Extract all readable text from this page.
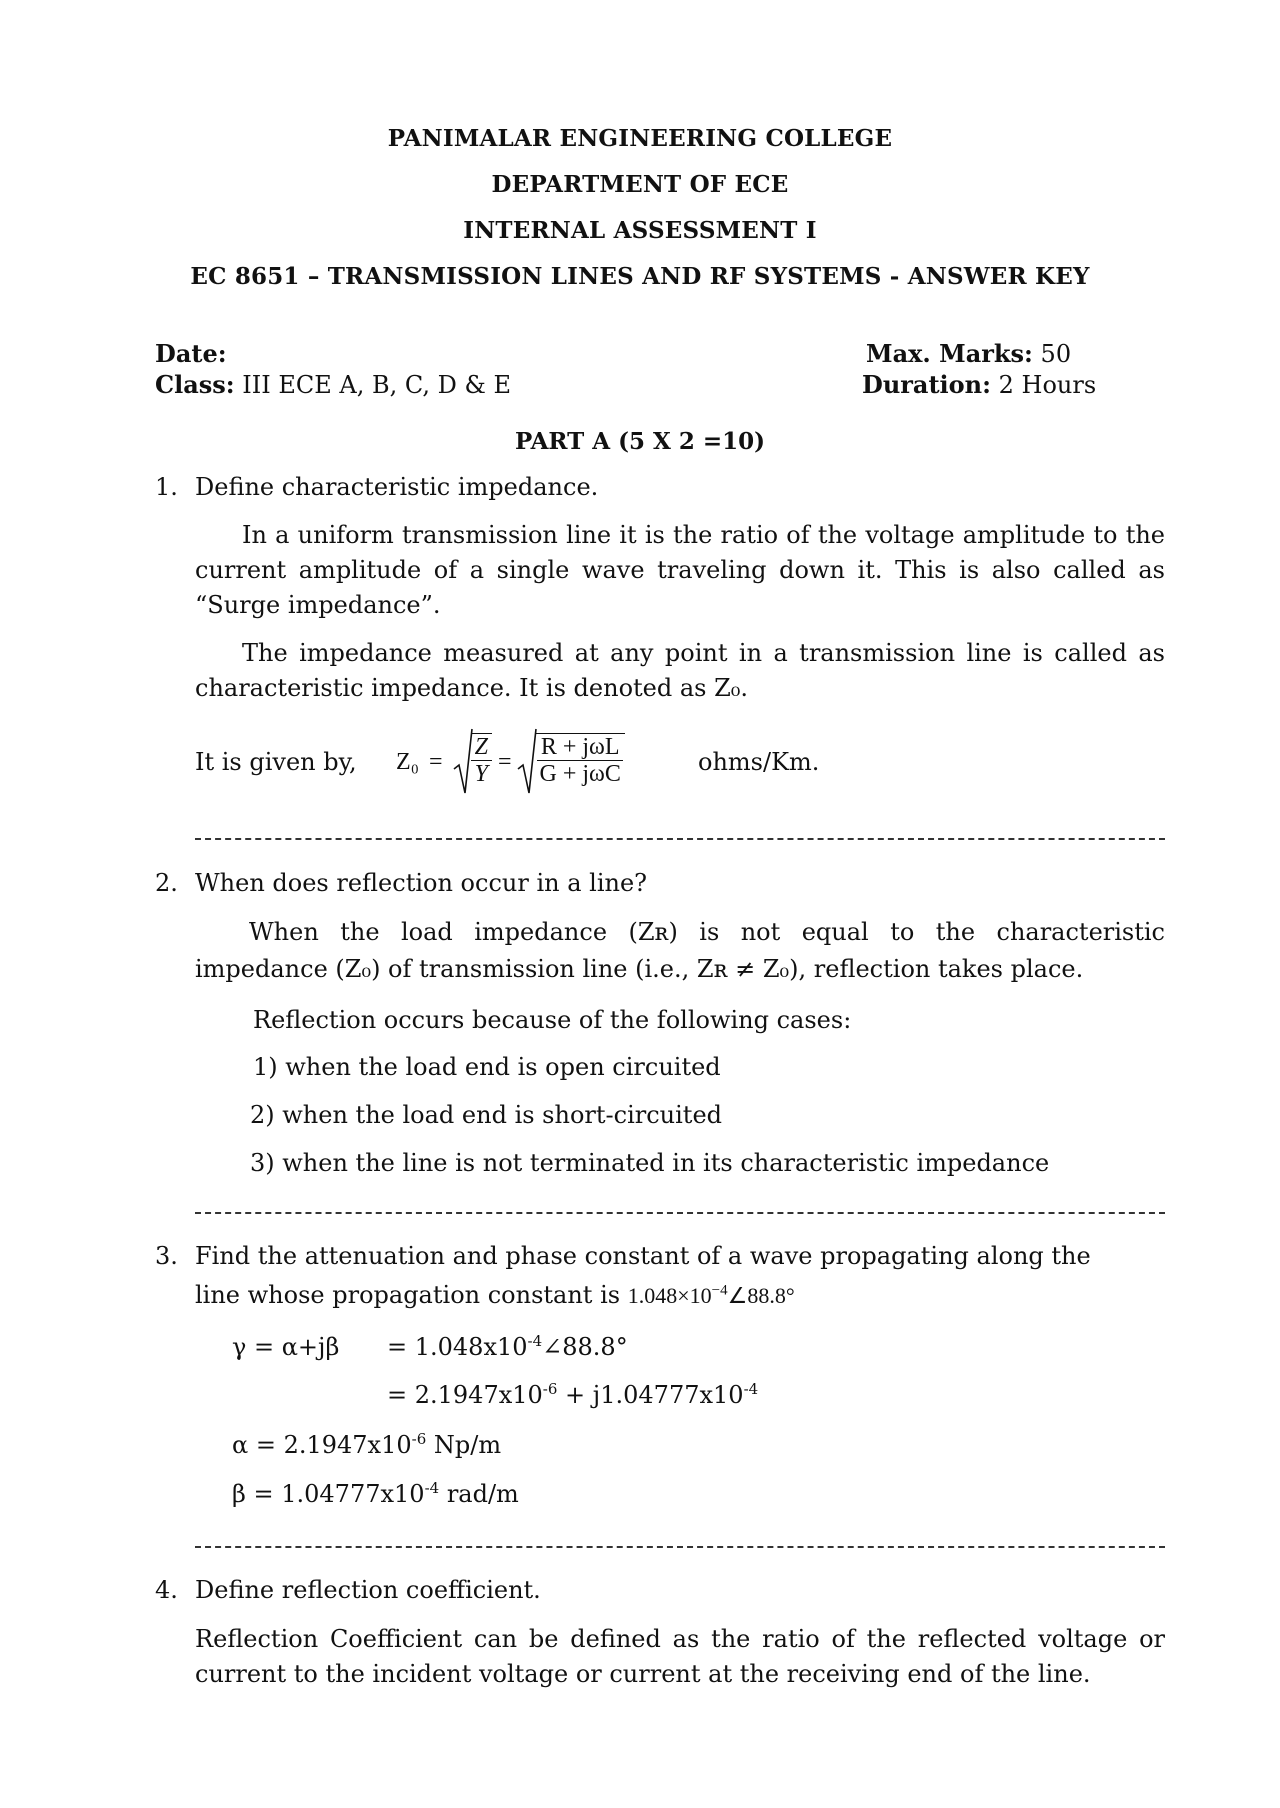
PANIMALAR ENGINEERING COLLEGE
DEPARTMENT OF ECE
INTERNAL ASSESSMENT I
EC 8651 – TRANSMISSION LINES AND RF SYSTEMS - ANSWER KEY
Date:
Class: III ECE A, B, C, D & E
Max. Marks: 50
Duration: 2 Hours
PART A (5 X 2 =10)
1. Define characteristic impedance.
In a uniform transmission line it is the ratio of the voltage amplitude to the current amplitude of a single wave traveling down it. This is also called as “Surge impedance”.
The impedance measured at any point in a transmission line is called as characteristic impedance. It is denoted as Z₀.
It is given by, $Z_0 = \frac{Z}{Y} = \frac{\text{R + jωL}}{\text{G + jωC}}$	ohms/Km.
2. When does reflection occur in a line?
When the load impedance (Zʀ) is not equal to the characteristic impedance (Z₀) of transmission line (i.e., Zʀ ≠ Z₀), reflection takes place.
Reflection occurs because of the following cases:
1) when the load end is open circuited
2) when the load end is short-circuited
3) when the line is not terminated in its characteristic impedance
3. Find the attenuation and phase constant of a wave propagating along the
line whose propagation constant is $1.048\times 10^{-4}\angle 88.8^\circ$
$\gamma = \alpha+j\beta = 1.048x10^{-4}\angle 88.8^\circ$
= $2.1947x10^{-6} + j1.04777x10^{-4}$
$\alpha = 2.1947x10^{-6}$ Np/m
$\beta = 1.04777x10^{-4}$ rad/m
4. Define reflection coefficient.
Reflection Coefficient can be defined as the ratio of the reflected voltage or current to the incident voltage or current at the receiving end of the line.
